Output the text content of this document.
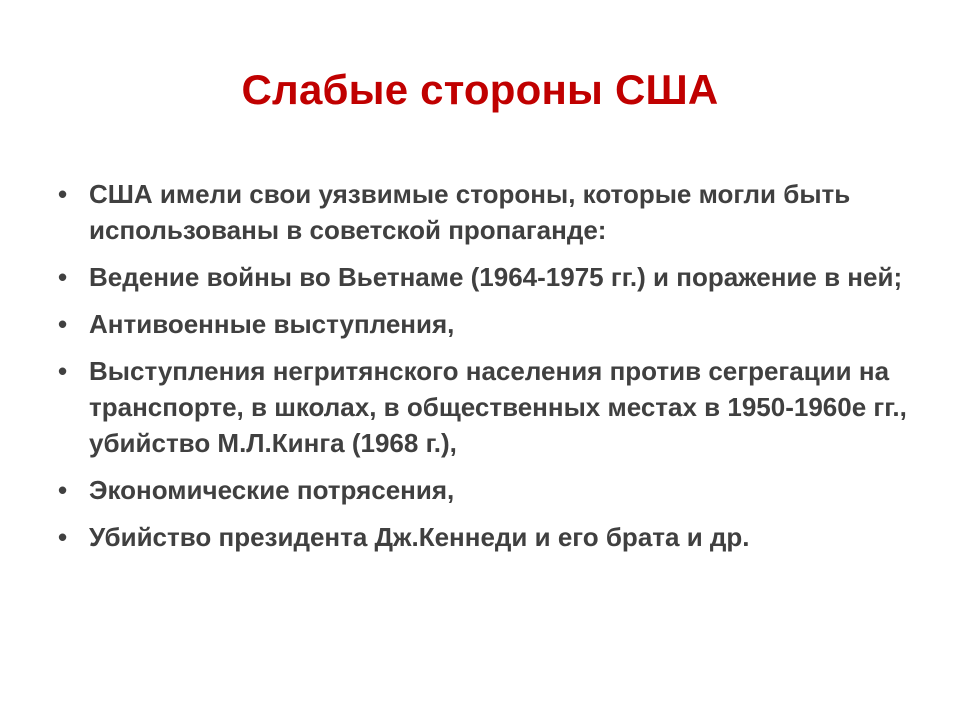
Слабые стороны США
• США имели свои уязвимые стороны, которые могли быть использованы в советской пропаганде:
• Ведение войны во Вьетнаме (1964-1975 гг.) и поражение в ней;
• Антивоенные выступления,
• Выступления негритянского населения против сегрегации на транспорте, в школах, в общественных местах в 1950-1960е гг., убийство М.Л.Кинга (1968 г.),
• Экономические потрясения,
• Убийство президента Дж.Кеннеди и его брата и др.
